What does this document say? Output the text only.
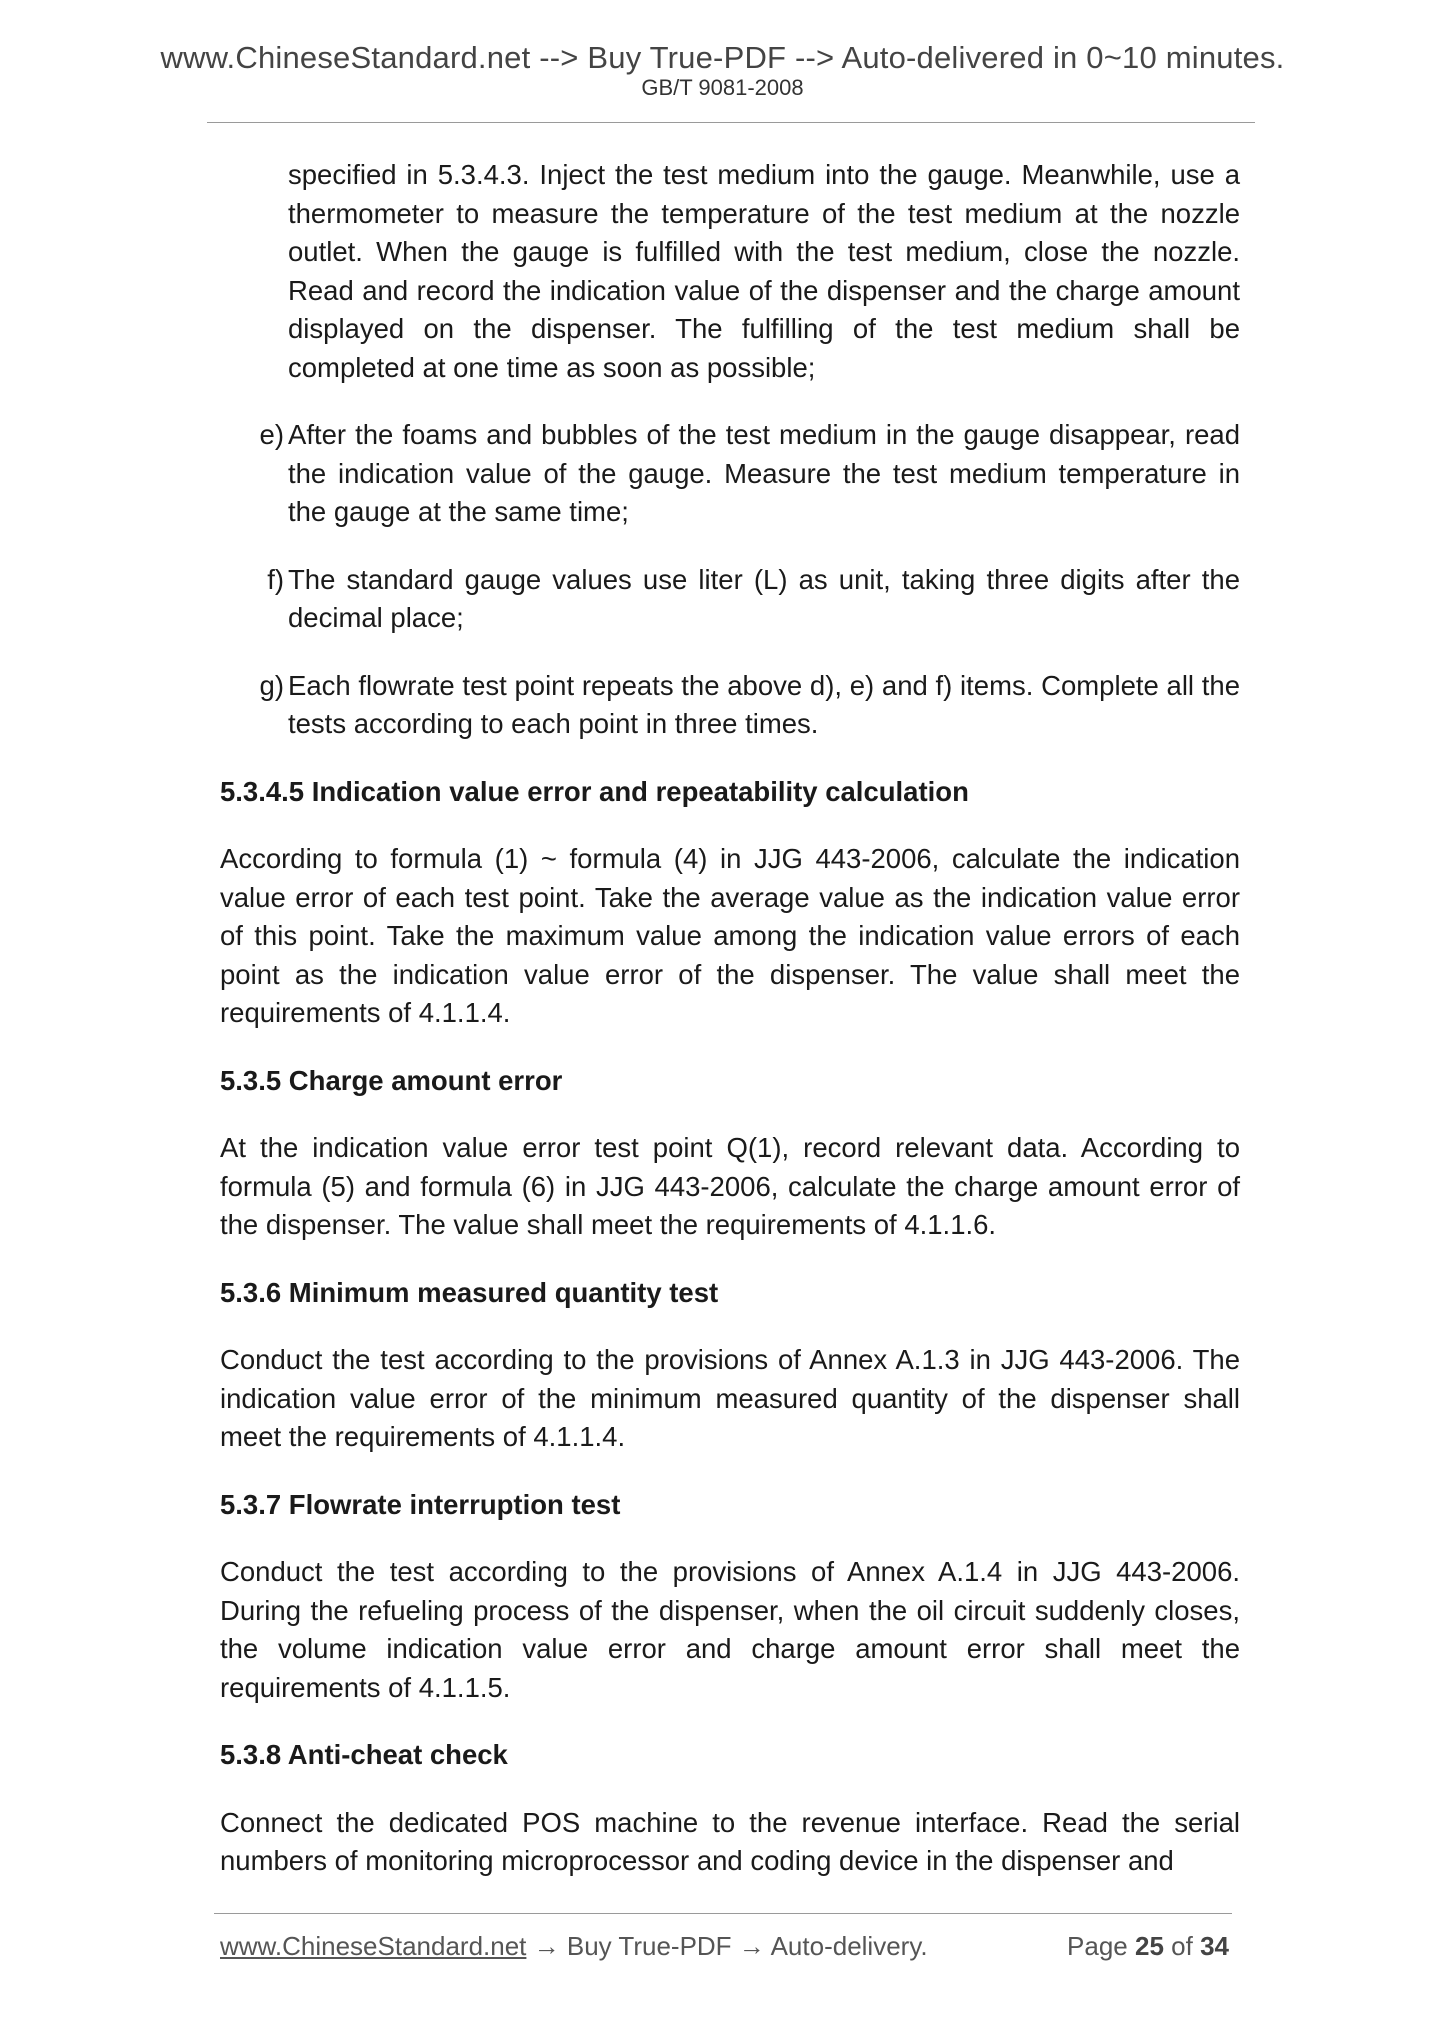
www.ChineseStandard.net --> Buy True-PDF --> Auto-delivered in 0~10 minutes.
GB/T 9081-2008
specified in 5.3.4.3. Inject the test medium into the gauge. Meanwhile, use a thermometer to measure the temperature of the test medium at the nozzle outlet. When the gauge is fulfilled with the test medium, close the nozzle. Read and record the indication value of the dispenser and the charge amount displayed on the dispenser. The fulfilling of the test medium shall be completed at one time as soon as possible;
e) After the foams and bubbles of the test medium in the gauge disappear, read the indication value of the gauge. Measure the test medium temperature in the gauge at the same time;
f) The standard gauge values use liter (L) as unit, taking three digits after the decimal place;
g) Each flowrate test point repeats the above d), e) and f) items. Complete all the tests according to each point in three times.
5.3.4.5 Indication value error and repeatability calculation
According to formula (1) ~ formula (4) in JJG 443-2006, calculate the indication value error of each test point. Take the average value as the indication value error of this point. Take the maximum value among the indication value errors of each point as the indication value error of the dispenser. The value shall meet the requirements of 4.1.1.4.
5.3.5 Charge amount error
At the indication value error test point Q(1), record relevant data. According to formula (5) and formula (6) in JJG 443-2006, calculate the charge amount error of the dispenser. The value shall meet the requirements of 4.1.1.6.
5.3.6 Minimum measured quantity test
Conduct the test according to the provisions of Annex A.1.3 in JJG 443-2006. The indication value error of the minimum measured quantity of the dispenser shall meet the requirements of 4.1.1.4.
5.3.7 Flowrate interruption test
Conduct the test according to the provisions of Annex A.1.4 in JJG 443-2006. During the refueling process of the dispenser, when the oil circuit suddenly closes, the volume indication value error and charge amount error shall meet the requirements of 4.1.1.5.
5.3.8 Anti-cheat check
Connect the dedicated POS machine to the revenue interface. Read the serial numbers of monitoring microprocessor and coding device in the dispenser and
www.ChineseStandard.net → Buy True-PDF → Auto-delivery.	Page 25 of 34
